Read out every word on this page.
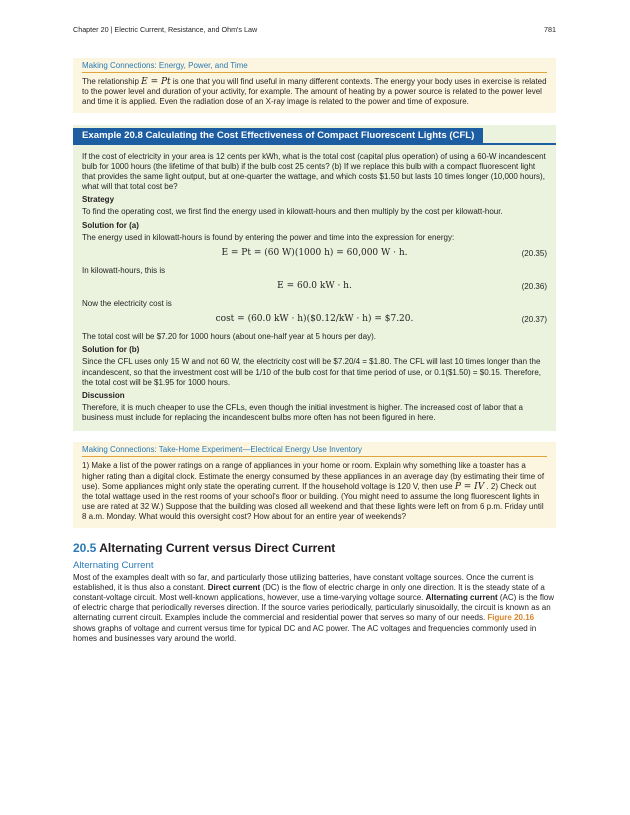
Chapter 20 | Electric Current, Resistance, and Ohm's Law	781
Making Connections: Energy, Power, and Time

The relationship E = Pt is one that you will find useful in many different contexts. The energy your body uses in exercise is related to the power level and duration of your activity, for example. The amount of heating by a power source is related to the power level and time it is applied. Even the radiation dose of an X-ray image is related to the power and time of exposure.

Example 20.8 Calculating the Cost Effectiveness of Compact Fluorescent Lights (CFL)

If the cost of electricity in your area is 12 cents per kWh, what is the total cost (capital plus operation) of using a 60-W incandescent bulb for 1000 hours (the lifetime of that bulb) if the bulb cost 25 cents? (b) If we replace this bulb with a compact fluorescent light that provides the same light output, but at one-quarter the wattage, and which costs $1.50 but lasts 10 times longer (10,000 hours), what will that total cost be?

Strategy

To find the operating cost, we first find the energy used in kilowatt-hours and then multiply by the cost per kilowatt-hour.

Solution for (a)

The energy used in kilowatt-hours is found by entering the power and time into the expression for energy:

E = Pt = (60 W)(1000 h) = 60,000 W · h.	(20.35)

In kilowatt-hours, this is

E = 60.0 kW · h.	(20.36)

Now the electricity cost is

cost = (60.0 kW · h)($0.12/kW · h) = $7.20.	(20.37)

The total cost will be $7.20 for 1000 hours (about one-half year at 5 hours per day).

Solution for (b)

Since the CFL uses only 15 W and not 60 W, the electricity cost will be $7.20/4 = $1.80. The CFL will last 10 times longer than the incandescent, so that the investment cost will be 1/10 of the bulb cost for that time period of use, or 0.1($1.50) = $0.15. Therefore, the total cost will be $1.95 for 1000 hours.

Discussion

Therefore, it is much cheaper to use the CFLs, even though the initial investment is higher. The increased cost of labor that a business must include for replacing the incandescent bulbs more often has not been figured in here.

Making Connections: Take-Home Experiment—Electrical Energy Use Inventory

1) Make a list of the power ratings on a range of appliances in your home or room. Explain why something like a toaster has a higher rating than a digital clock. Estimate the energy consumed by these appliances in an average day (by estimating their time of use). Some appliances might only state the operating current. If the household voltage is 120 V, then use P = IV . 2) Check out the total wattage used in the rest rooms of your school's floor or building. (You might need to assume the long fluorescent lights in use are rated at 32 W.) Suppose that the building was closed all weekend and that these lights were left on from 6 p.m. Friday until 8 a.m. Monday. What would this oversight cost? How about for an entire year of weekends?

20.5 Alternating Current versus Direct Current
Alternating Current

Most of the examples dealt with so far, and particularly those utilizing batteries, have constant voltage sources. Once the current is established, it is thus also a constant. Direct current (DC) is the flow of electric charge in only one direction. It is the steady state of a constant-voltage circuit. Most well-known applications, however, use a time-varying voltage source. Alternating current (AC) is the flow of electric charge that periodically reverses direction. If the source varies periodically, particularly sinusoidally, the circuit is known as an alternating current circuit. Examples include the commercial and residential power that serves so many of our needs. Figure 20.16 shows graphs of voltage and current versus time for typical DC and AC power. The AC voltages and frequencies commonly used in homes and businesses vary around the world.
